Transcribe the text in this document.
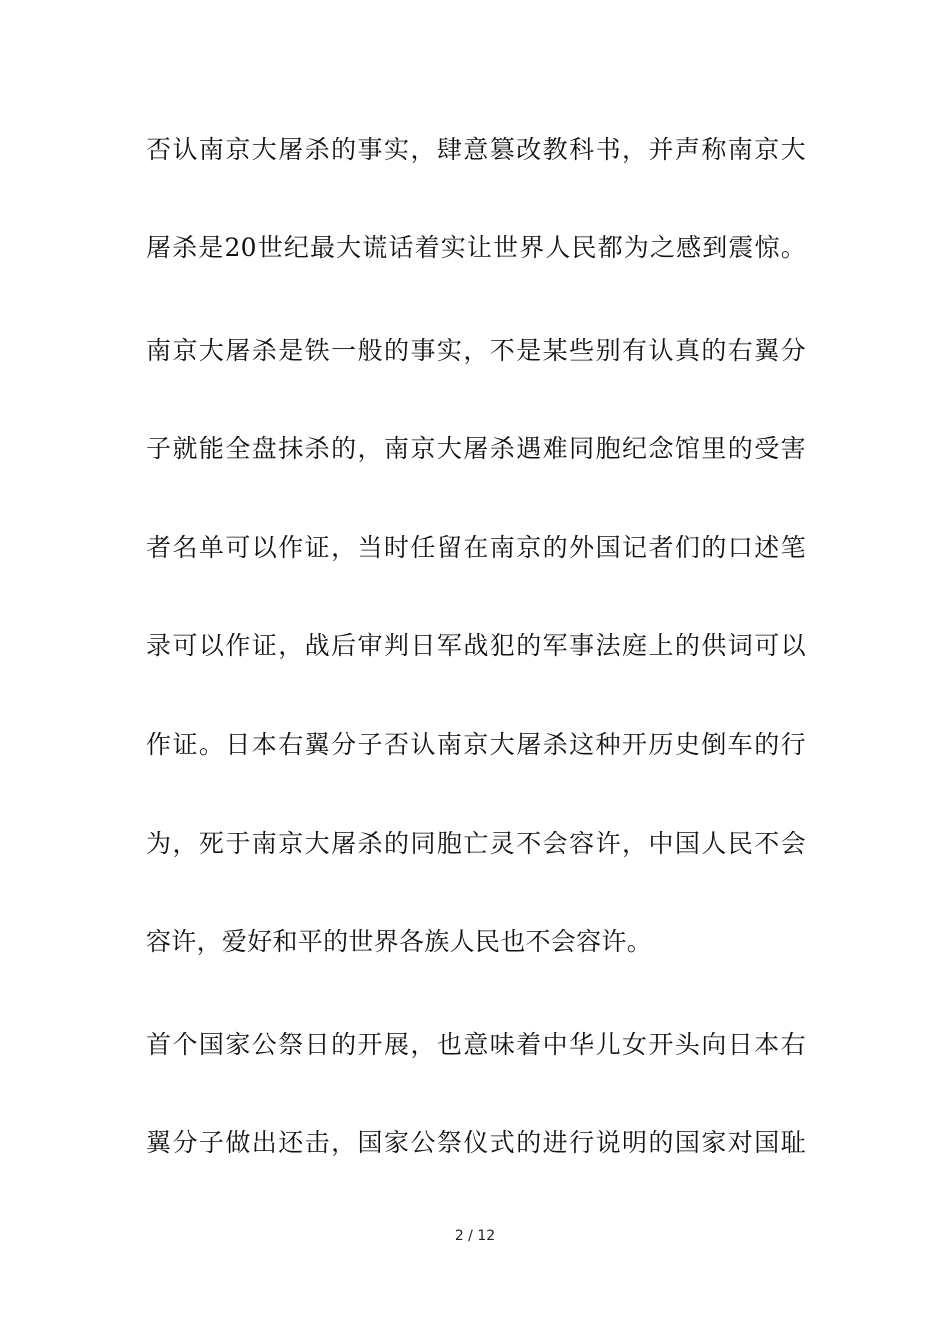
否认南京大屠杀的事实，肆意篡改教科书，并声称南京大
屠杀是20世纪最大谎话着实让世界人民都为之感到震惊。
南京大屠杀是铁一般的事实，不是某些别有认真的右翼分
子就能全盘抹杀的，南京大屠杀遇难同胞纪念馆里的受害
者名单可以作证，当时任留在南京的外国记者们的口述笔
录可以作证，战后审判日军战犯的军事法庭上的供词可以
作证。日本右翼分子否认南京大屠杀这种开历史倒车的行
为，死于南京大屠杀的同胞亡灵不会容许，中国人民不会
容许，爱好和平的世界各族人民也不会容许。
首个国家公祭日的开展，也意味着中华儿女开头向日本右
翼分子做出还击，国家公祭仪式的进行说明的国家对国耻
2 / 12
